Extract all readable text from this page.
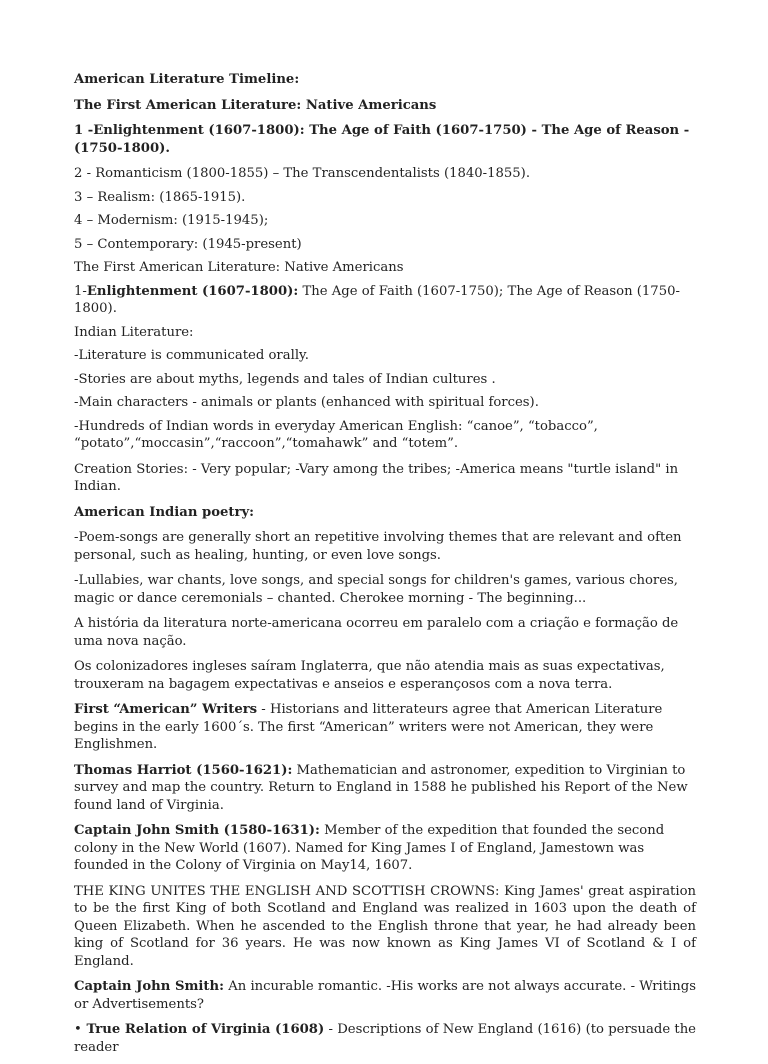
American Literature Timeline:

The First American Literature: Native Americans

1 -Enlightenment (1607-1800): The Age of Faith (1607-1750) - The Age of Reason - (1750-1800).

2 - Romanticism (1800-1855) – The Transcendentalists (1840-1855).

3 – Realism: (1865-1915).

4 – Modernism: (1915-1945);

5 – Contemporary: (1945-present)

The First American Literature: Native Americans

1-Enlightenment (1607-1800): The Age of Faith (1607-1750); The Age of Reason (1750-1800).

Indian Literature:

-Literature is communicated orally.

-Stories are about myths, legends and tales of Indian cultures .

-Main characters - animals or plants (enhanced with spiritual forces).

-Hundreds of Indian words in everyday American English: “canoe”, “tobacco”, “potato”,“moccasin”,“raccoon”,“tomahawk” and “totem”.

Creation Stories: - Very popular; -Vary among the tribes; -America means "turtle island" in Indian.

American Indian poetry:

-Poem-songs are generally short an repetitive involving themes that are relevant and often personal, such as healing, hunting, or even love songs.

-Lullabies, war chants, love songs, and special songs for children's games, various chores, magic or dance ceremonials – chanted. Cherokee morning - The beginning...

A história da literatura norte-americana ocorreu em paralelo com a criação e formação de uma nova nação.

Os colonizadores ingleses saíram Inglaterra, que não atendia mais as suas expectativas, trouxeram na bagagem expectativas e anseios e esperançosos com a nova terra.

First “American” Writers - Historians and litterateurs agree that American Literature begins in the early 1600´s. The first “American” writers were not American, they were Englishmen.

Thomas Harriot (1560-1621): Mathematician and astronomer, expedition to Virginian to survey and map the country. Return to England in 1588 he published his Report of the New found land of Virginia.

Captain John Smith (1580-1631): Member of the expedition that founded the second colony in the New World (1607). Named for King James I of England, Jamestown was founded in the Colony of Virginia on May14, 1607.

THE KING UNITES THE ENGLISH AND SCOTTISH CROWNS: King James' great aspiration to be the first King of both Scotland and England was realized in 1603 upon the death of Queen Elizabeth. When he ascended to the English throne that year, he had already been king of Scotland for 36 years. He was now known as King James VI of Scotland & I of England.

Captain John Smith: An incurable romantic. -His works are not always accurate. - Writings or Advertisements?

• True Relation of Virginia (1608) - Descriptions of New England (1616) (to persuade the reader
